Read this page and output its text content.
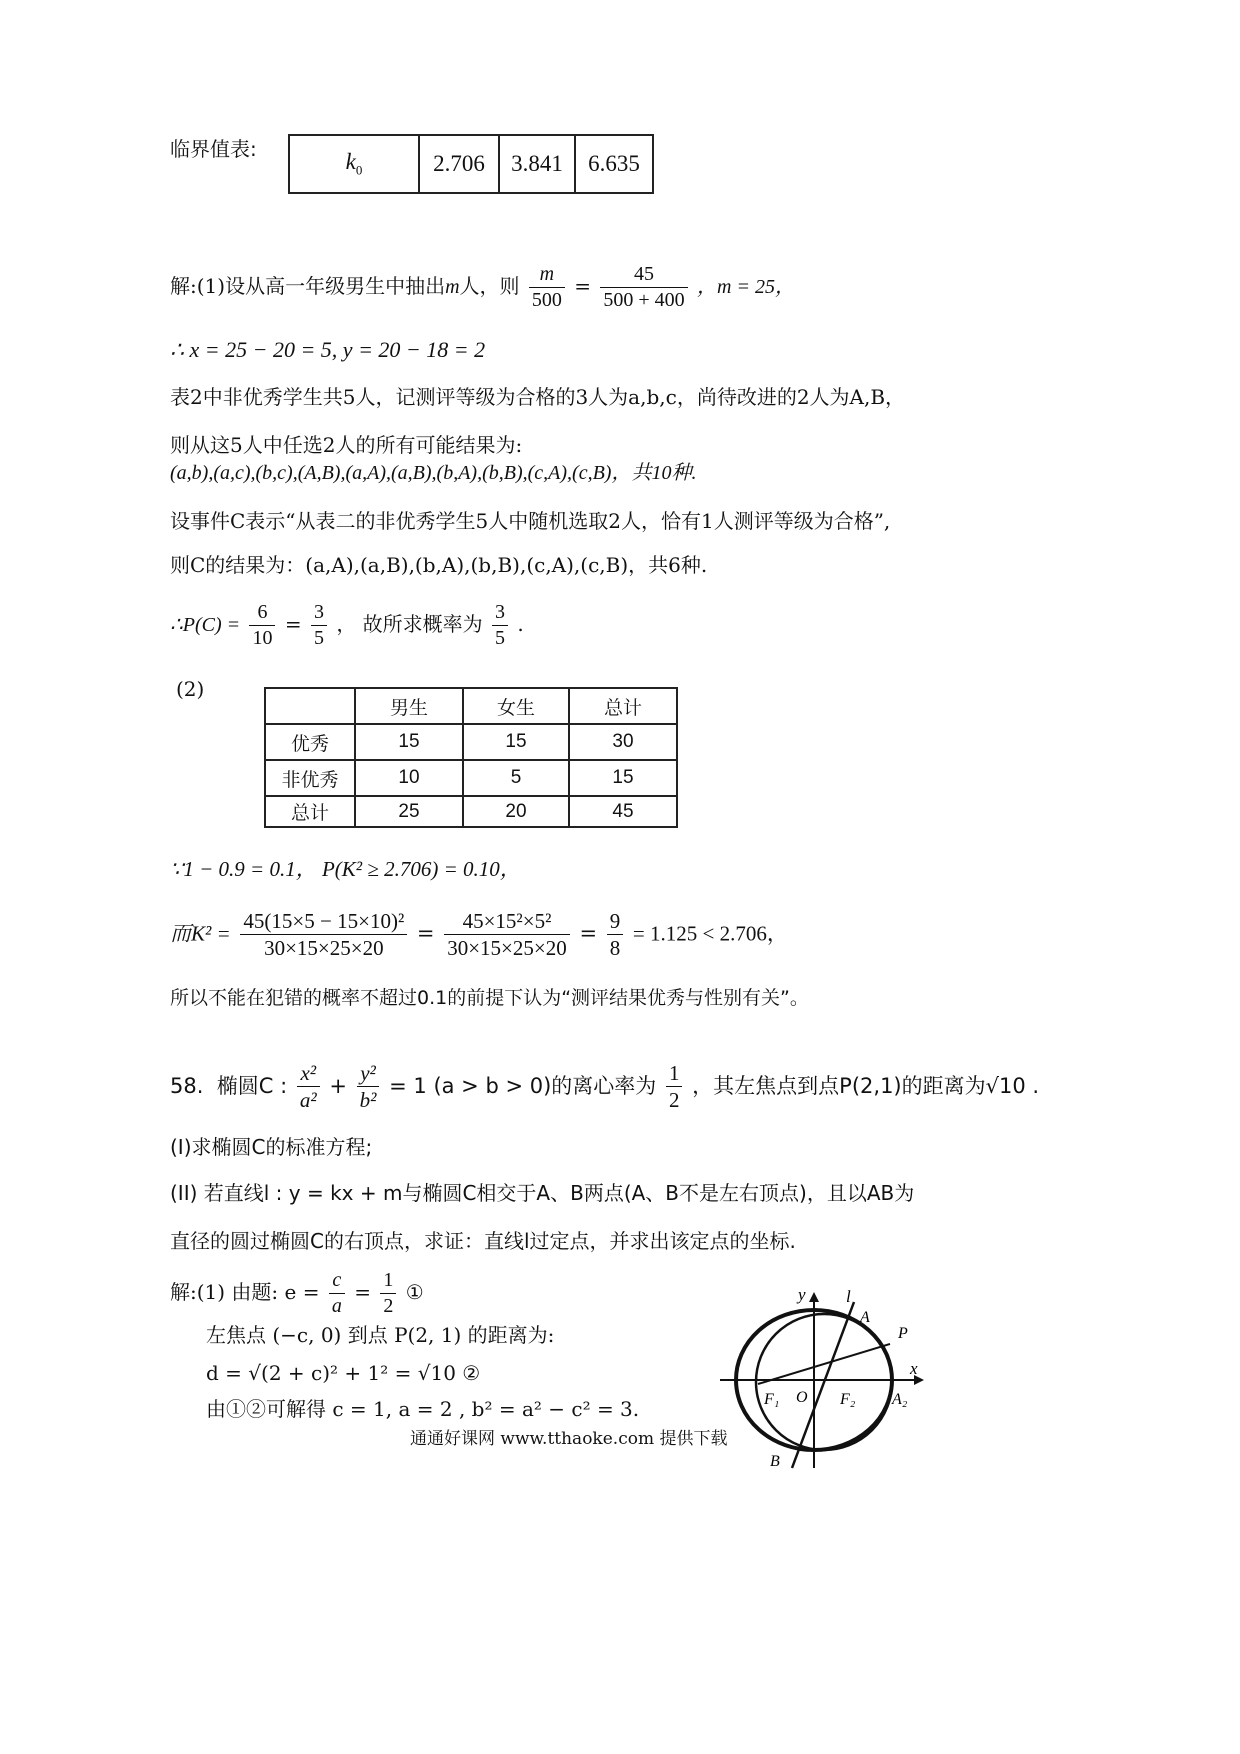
临界值表:
$k_0$	2.706	3.841	6.635
解:(1)设从高一年级男生中抽出m人，则 $\frac{m}{500} = \frac{45}{500 + 400}$ ，m = 25，
∴ x = 25 − 20 = 5, y = 20 − 18 = 2
表2中非优秀学生共5人，记测评等级为合格的3人为a,b,c，尚待改进的2人为A,B，
则从这5人中任选2人的所有可能结果为:
(a,b),(a,c),(b,c),(A,B),(a,A),(a,B),(b,A),(b,B),(c,A),(c,B)，共10种.
设事件C表示“从表二的非优秀学生5人中随机选取2人，恰有1人测评等级为合格”,
则C的结果为：(a,A),(a,B),(b,A),(b,B),(c,A),(c,B)，共6种.
∴P(C) = $\frac{6}{10} = \frac{3}{5}$ ， 故所求概率为 $\frac{3}{5}$ .
(2)
	男生	女生	总计
优秀	15	15	30
非优秀	10	5	15
总计	25	20	45
∵1 − 0.9 = 0.1， P(K² ≥ 2.706) = 0.10，
而$K^2 = \frac{\text{45(15×5 − 15×10)²}}{30\times 15\times 25\times 20} = \frac{\text{45×15²×5²}}{30\times 15\times 25\times 20} = \frac{9}{8} = 1.125 < 2.706$，
所以不能在犯错的概率不超过0.1的前提下认为“测评结果优秀与性别有关”。
58. 椭圆C : $\frac{\text{x²}}{\text{a²}} + \frac{\text{y²}}{\text{b²}} = 1$ (a > b > 0)的离心率为 $\frac{1}{2}$ ，其左焦点到点P(2,1)的距离为√10 .
(I)求椭圆C的标准方程;
(II) 若直线l : y = kx + m与椭圆C相交于A、B两点(A、B不是左右顶点)，且以AB为
直径的圆过椭圆C的右顶点，求证：直线l过定点，并求出该定点的坐标.
解:(1) 由题: $e = \frac{c}{a} = \frac{1}{2}$ ①
左焦点 (−c, 0) 到点 P(2, 1) 的距离为:
d = √(2 + c)² + 1² = √10 ②
由①②可解得 c = 1, a = 2 , b² = a² − c² = 3.
y l
A
P
x
F₁ O F₂ A₂
B
通通好课网 www.tthaoke.com 提供下载
